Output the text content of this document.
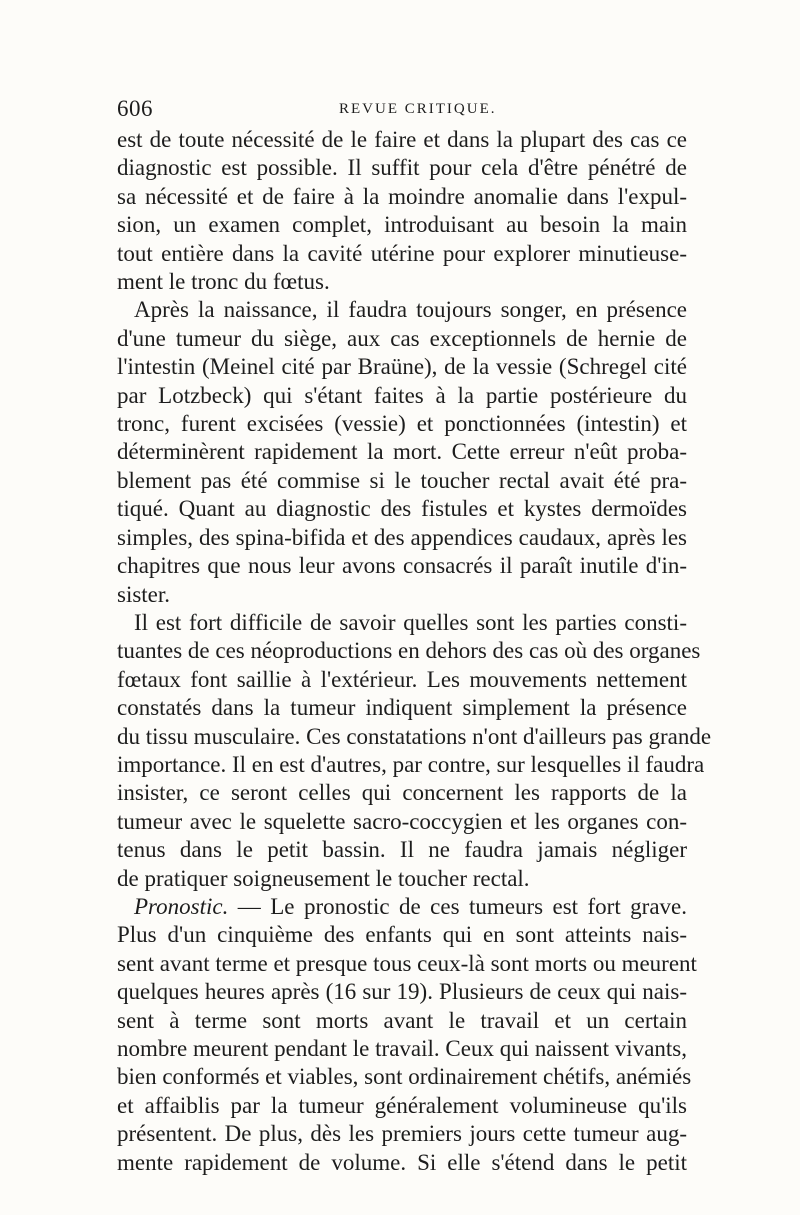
606	REVUE CRITIQUE.

est de toute nécessité de le faire et dans la plupart des cas ce
diagnostic est possible. Il suffit pour cela d'être pénétré de
sa nécessité et de faire à la moindre anomalie dans l'expul-
sion, un examen complet, introduisant au besoin la main
tout entière dans la cavité utérine pour explorer minutieuse-
ment le tronc du fœtus.

Après la naissance, il faudra toujours songer, en présence
d'une tumeur du siège, aux cas exceptionnels de hernie de
l'intestin (Meinel cité par Braüne), de la vessie (Schregel cité
par Lotzbeck) qui s'étant faites à la partie postérieure du
tronc, furent excisées (vessie) et ponctionnées (intestin) et
déterminèrent rapidement la mort. Cette erreur n'eût proba-
blement pas été commise si le toucher rectal avait été pra-
tiqué. Quant au diagnostic des fistules et kystes dermoïdes
simples, des spina-bifida et des appendices caudaux, après les
chapitres que nous leur avons consacrés il paraît inutile d'in-
sister.

Il est fort difficile de savoir quelles sont les parties consti-
tuantes de ces néoproductions en dehors des cas où des organes
fœtaux font saillie à l'extérieur. Les mouvements nettement
constatés dans la tumeur indiquent simplement la présence
du tissu musculaire. Ces constatations n'ont d'ailleurs pas grande
importance. Il en est d'autres, par contre, sur lesquelles il faudra
insister, ce seront celles qui concernent les rapports de la
tumeur avec le squelette sacro-coccygien et les organes con-
tenus dans le petit bassin. Il ne faudra jamais négliger
de pratiquer soigneusement le toucher rectal.

Pronostic. — Le pronostic de ces tumeurs est fort grave.
Plus d'un cinquième des enfants qui en sont atteints nais-
sent avant terme et presque tous ceux-là sont morts ou meurent
quelques heures après (16 sur 19). Plusieurs de ceux qui nais-
sent à terme sont morts avant le travail et un certain
nombre meurent pendant le travail. Ceux qui naissent vivants,
bien conformés et viables, sont ordinairement chétifs, anémiés
et affaiblis par la tumeur généralement volumineuse qu'ils
présentent. De plus, dès les premiers jours cette tumeur aug-
mente rapidement de volume. Si elle s'étend dans le petit
